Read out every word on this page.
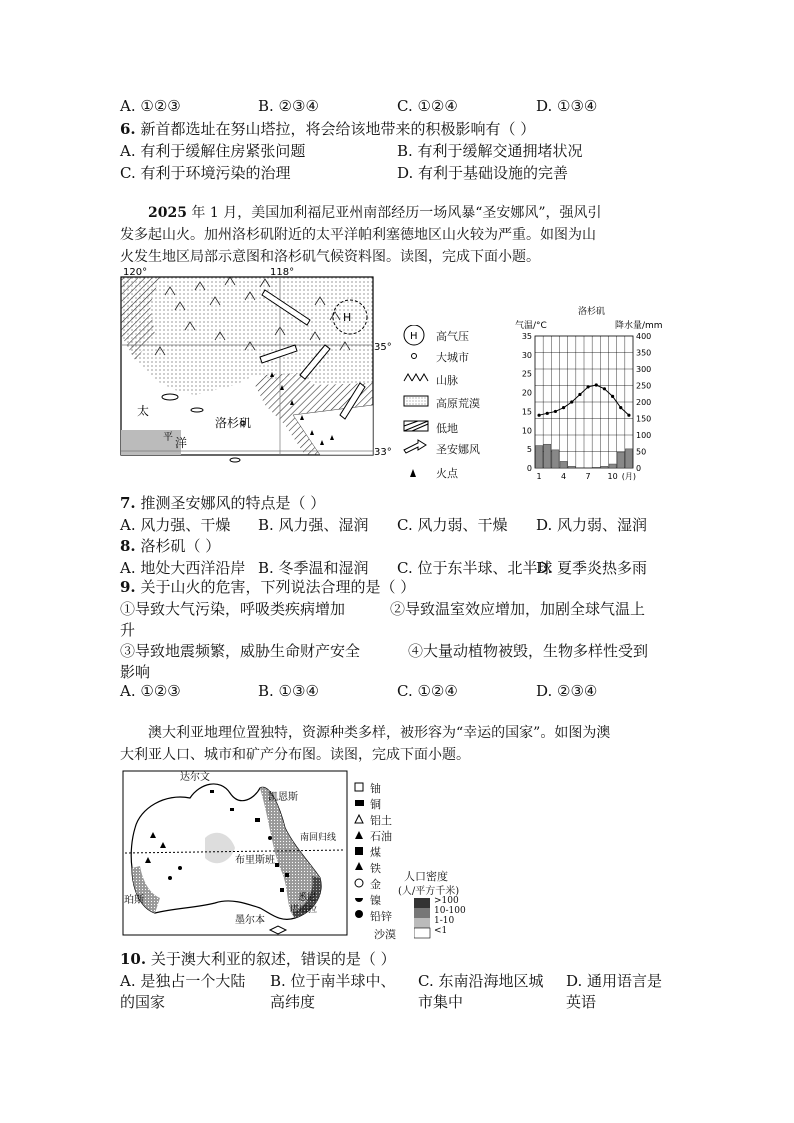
A. ①②③	B. ②③④	C. ①②④	D. ①③④
6. 新首都选址在努山塔拉，将会给该地带来的积极影响有（ ）
A. 有利于缓解住房紧张问题	B. 有利于缓解交通拥堵状况
C. 有利于环境污染的治理	D. 有利于基础设施的完善
2025 年 1 月，美国加利福尼亚州南部经历一场风暴“圣安娜风”，强风引
发多起山火。加州洛杉矶附近的太平洋帕利塞德地区山火较为严重。如图为山
火发生地区局部示意图和洛杉矶气候资料图。读图，完成下面小题。
120°	118°
35°
33°
H
太
平 洋
洛杉矶
H 高气压
大城市
山脉
高原荒漠
低地
圣安娜风
火点
洛杉矶
气温/°C	降水量/mm
35
30
25
20
15
10
5
0
400
350
300
250
200
150
100
50
0
1 4 7 10 (月)
7. 推测圣安娜风的特点是（ ）
A. 风力强、干燥 B. 风力强、湿润 C. 风力弱、干燥 D. 风力弱、湿润
8. 洛杉矶（ ）
A. 地处大西洋沿岸 B. 冬季温和湿润 C. 位于东半球、北半球
D. 夏季炎热多雨
9. 关于山火的危害，下列说法合理的是（ ）
①导致大气污染，呼吸类疾病增加	②导致温室效应增加，加剧全球气温上
升
③导致地震频繁，威胁生命财产安全	④大量动植物被毁，生物多样性受到
影响
A. ①②③	B. ①③④	C. ①②④	D. ②③④
澳大利亚地理位置独特，资源种类多样，被形容为“幸运的国家”。如图为澳
大利亚人口、城市和矿产分布图。读图，完成下面小题。
达尔文
凯恩斯
南回归线
布里斯班
珀斯	悉尼
堪培拉
墨尔本
铀
铜
铝土
石油
煤
铁
金
镍
铅锌
人口密度
(人/平方千米)
>100
10-100
1-10
<1
沙漠
10. 关于澳大利亚的叙述，错误的是（ ）
A. 是独占一个大陆
的国家
B. 位于南半球中、
高纬度
C. 东南沿海地区城
市集中
D. 通用语言是
英语
